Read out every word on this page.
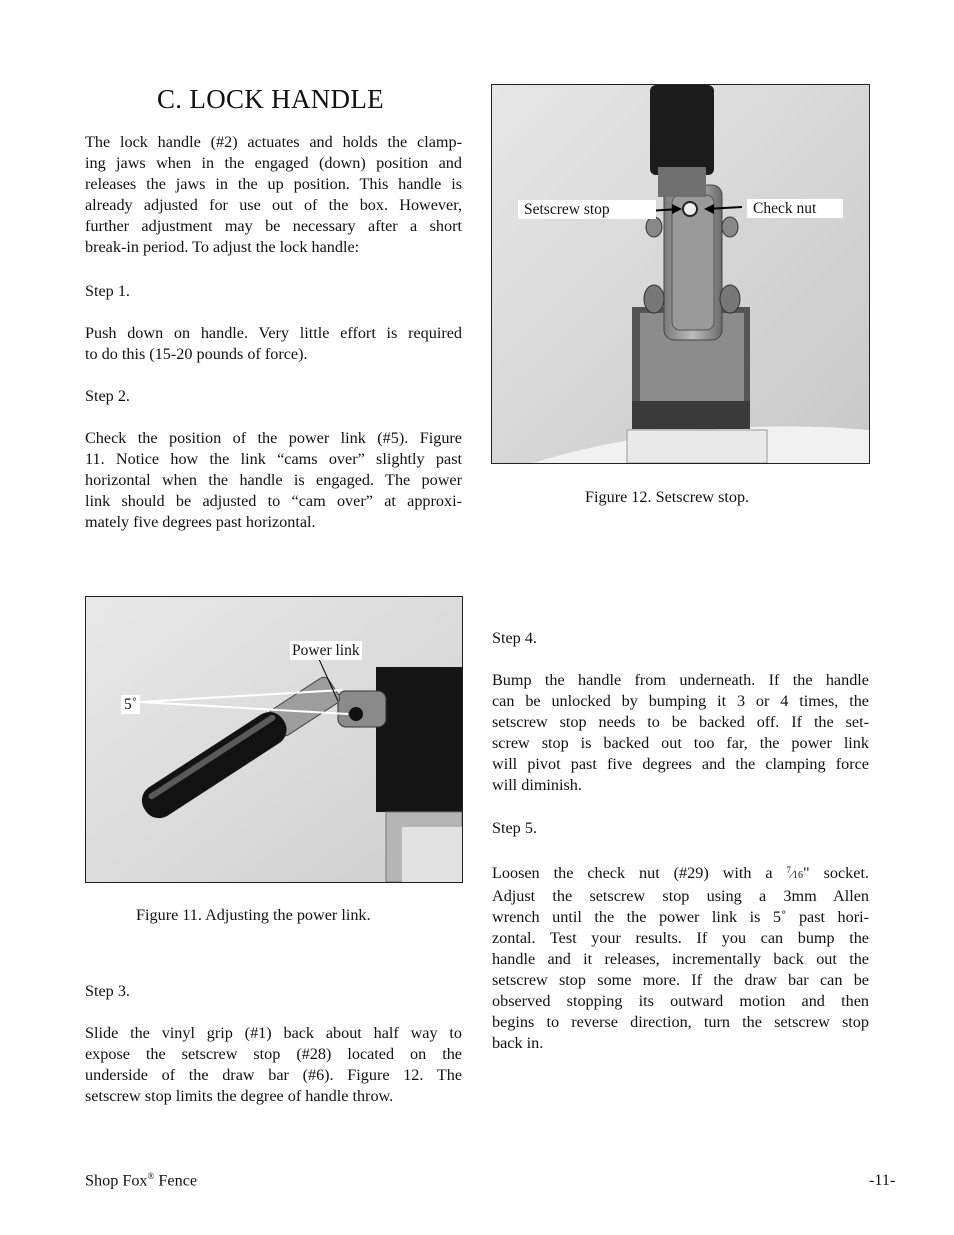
C. LOCK HANDLE
The lock handle (#2) actuates and holds the clamp-
ing jaws when in the engaged (down) position and
releases the jaws in the up position. This handle is
already adjusted for use out of the box. However,
further adjustment may be necessary after a short
break-in period. To adjust the lock handle:
Step 1.
Push down on handle. Very little effort is required
to do this (15-20 pounds of force).
Step 2.
Check the position of the power link (#5). Figure
11. Notice how the link “cams over” slightly past
horizontal when the handle is engaged. The power
link should be adjusted to “cam over” at approxi-
mately five degrees past horizontal.
Setscrew stop	Check nut
Figure 12. Setscrew stop.
Power link
5˚
Figure 11. Adjusting the power link.
Step 3.
Slide the vinyl grip (#1) back about half way to
expose the setscrew stop (#28) located on the
underside of the draw bar (#6). Figure 12. The
setscrew stop limits the degree of handle throw.
Step 4.
Bump the handle from underneath. If the handle
can be unlocked by bumping it 3 or 4 times, the
setscrew stop needs to be backed off. If the set-
screw stop is backed out too far, the power link
will pivot past five degrees and the clamping force
will diminish.
Step 5.
Loosen the check nut (#29) with a $^7$⁄16" socket.
Adjust the setscrew stop using a 3mm Allen
wrench until the the power link is 5˚ past hori-
zontal. Test your results. If you can bump the
handle and it releases, incrementally back out the
setscrew stop some more. If the draw bar can be
observed stopping its outward motion and then
begins to reverse direction, turn the setscrew stop
back in.
Shop Fox® Fence	-11-
